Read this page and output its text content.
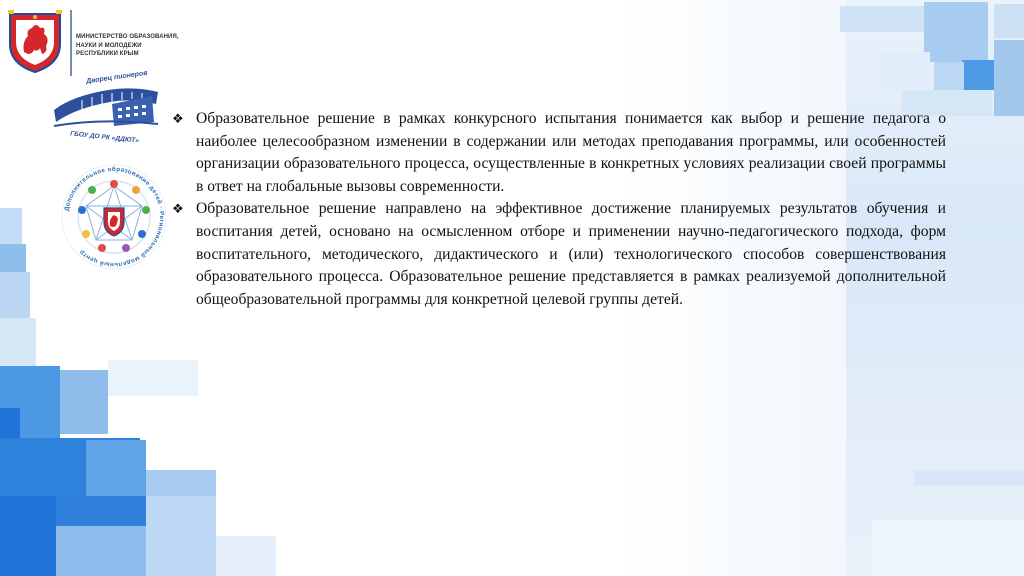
МИНИСТЕРСТВО ОБРАЗОВАНИЯ,
НАУКИ И МОЛОДЕЖИ
РЕСПУБЛИКИ КРЫМ
Дворец пионеров
ГБОУ ДО РК «ДДЮТ»
Дополнительное образование детей · Региональный модельный центр
❖ Образовательное решение в рамках конкурсного испытания понимается как выбор и решение педагога о наиболее целесообразном изменении в содержании или методах преподавания программы, или особенностей организации образовательного процесса, осуществленные в конкретных условиях реализации своей программы в ответ на глобальные вызовы современности.
❖ Образовательное решение направлено на эффективное достижение планируемых результатов обучения и воспитания детей, основано на осмысленном отборе и применении научно-педагогического подхода, форм воспитательного, методического, дидактического и (или) технологического способов совершенствования образовательного процесса. Образовательное решение представляется в рамках реализуемой дополнительной общеобразовательной программы для конкретной целевой группы детей.
